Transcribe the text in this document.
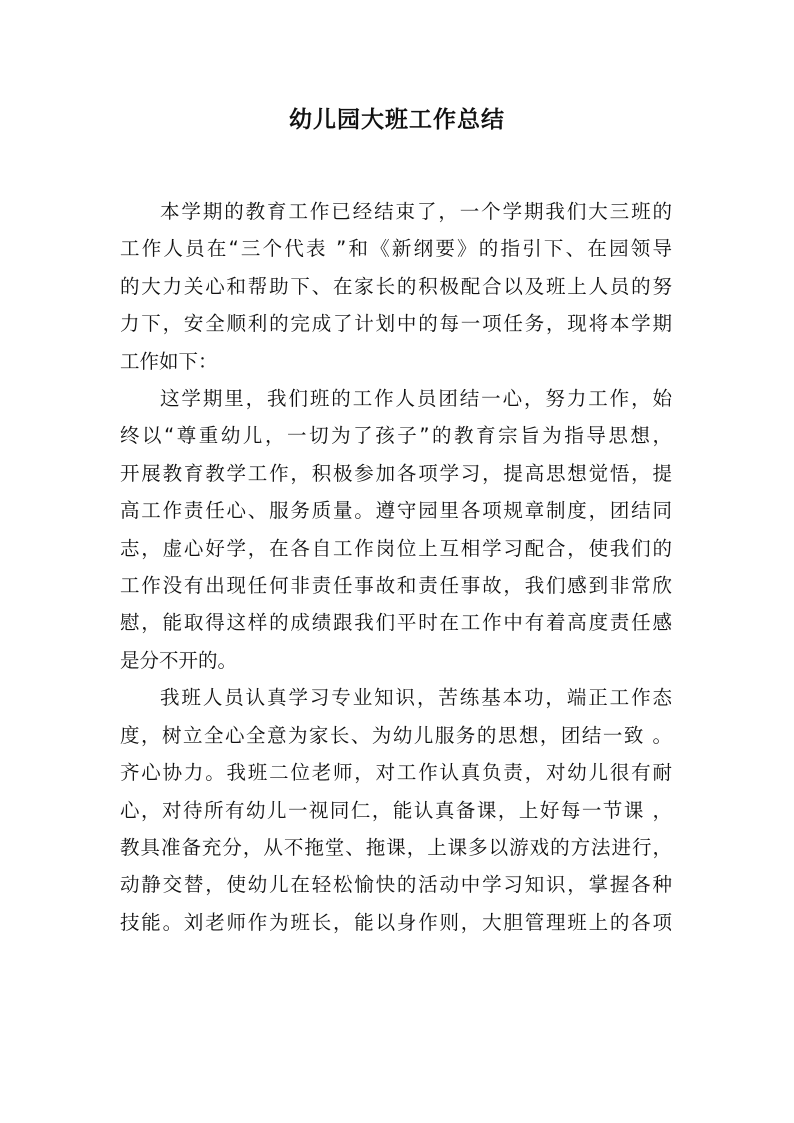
幼儿园大班工作总结
本学期的教育工作已经结束了，一个学期我们大三班的
工作人员在“三个代表 ”和《新纲要》的指引下、在园领导
的大力关心和帮助下、在家长的积极配合以及班上人员的努
力下，安全顺利的完成了计划中的每一项任务，现将本学期
工作如下：
这学期里，我们班的工作人员团结一心，努力工作，始
终以“尊重幼儿，一切为了孩子”的教育宗旨为指导思想，
开展教育教学工作，积极参加各项学习，提高思想觉悟，提
高工作责任心、服务质量。遵守园里各项规章制度，团结同
志，虚心好学，在各自工作岗位上互相学习配合，使我们的
工作没有出现任何非责任事故和责任事故，我们感到非常欣
慰，能取得这样的成绩跟我们平时在工作中有着高度责任感
是分不开的。
我班人员认真学习专业知识，苦练基本功，端正工作态
度，树立全心全意为家长、为幼儿服务的思想，团结一致 。
齐心协力。我班二位老师，对工作认真负责，对幼儿很有耐
心，对待所有幼儿一视同仁，能认真备课，上好每一节课 ，
教具准备充分，从不拖堂、拖课，上课多以游戏的方法进行，
动静交替，使幼儿在轻松愉快的活动中学习知识，掌握各种
技能。刘老师作为班长，能以身作则，大胆管理班上的各项
